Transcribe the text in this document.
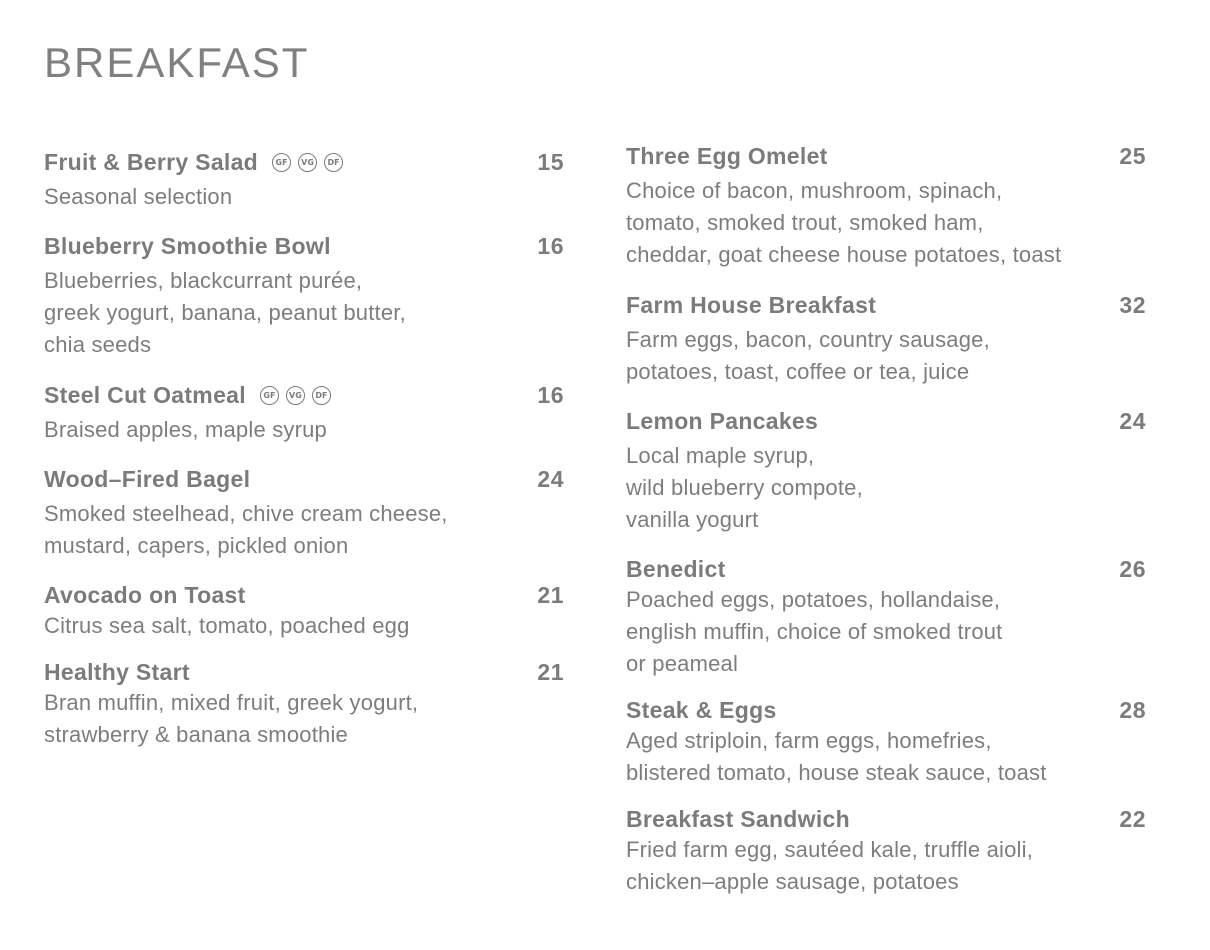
BREAKFAST
Fruit & Berry Salad	GF	VG	DF	15
Seasonal selection
Blueberry Smoothie Bowl	16
Blueberries, blackcurrant purée,
greek yogurt, banana, peanut butter,
chia seeds
Steel Cut Oatmeal	GF	VG	DF	16
Braised apples, maple syrup
Wood–Fired Bagel	24
Smoked steelhead, chive cream cheese,
mustard, capers, pickled onion
Avocado on Toast	21
Citrus sea salt, tomato, poached egg
Healthy Start	21
Bran muffin, mixed fruit, greek yogurt,
strawberry & banana smoothie
Three Egg Omelet	25
Choice of bacon, mushroom, spinach,
tomato, smoked trout, smoked ham,
cheddar, goat cheese house potatoes, toast
Farm House Breakfast	32
Farm eggs, bacon, country sausage,
potatoes, toast, coffee or tea, juice
Lemon Pancakes	24
Local maple syrup,
wild blueberry compote,
vanilla yogurt
Benedict	26
Poached eggs, potatoes, hollandaise,
english muffin, choice of smoked trout
or peameal
Steak & Eggs	28
Aged striploin, farm eggs, homefries,
blistered tomato, house steak sauce, toast
Breakfast Sandwich	22
Fried farm egg, sautéed kale, truffle aioli,
chicken–apple sausage, potatoes
